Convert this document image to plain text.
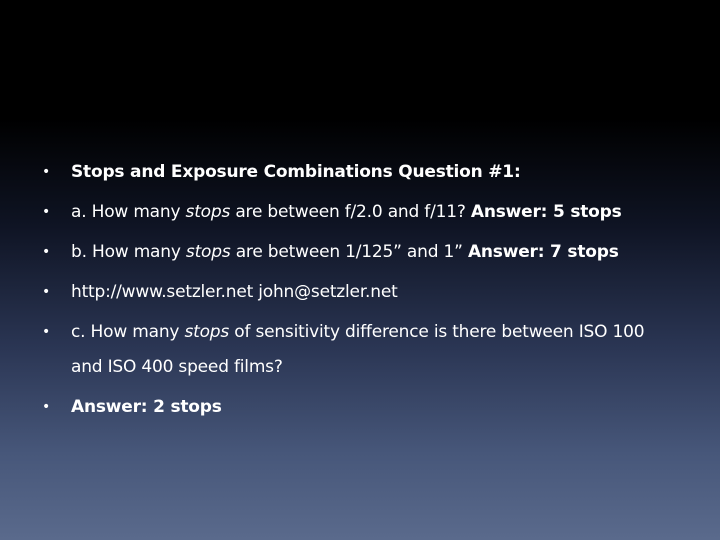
• Stops and Exposure Combinations Question #1:
• a. How many stops are between f/2.0 and f/11? Answer: 5 stops
• b. How many stops are between 1/125” and 1” Answer: 7 stops
• http://www.setzler.net john@setzler.net
• c. How many stops of sensitivity difference is there between ISO 100 and ISO 400 speed films?
• Answer: 2 stops
